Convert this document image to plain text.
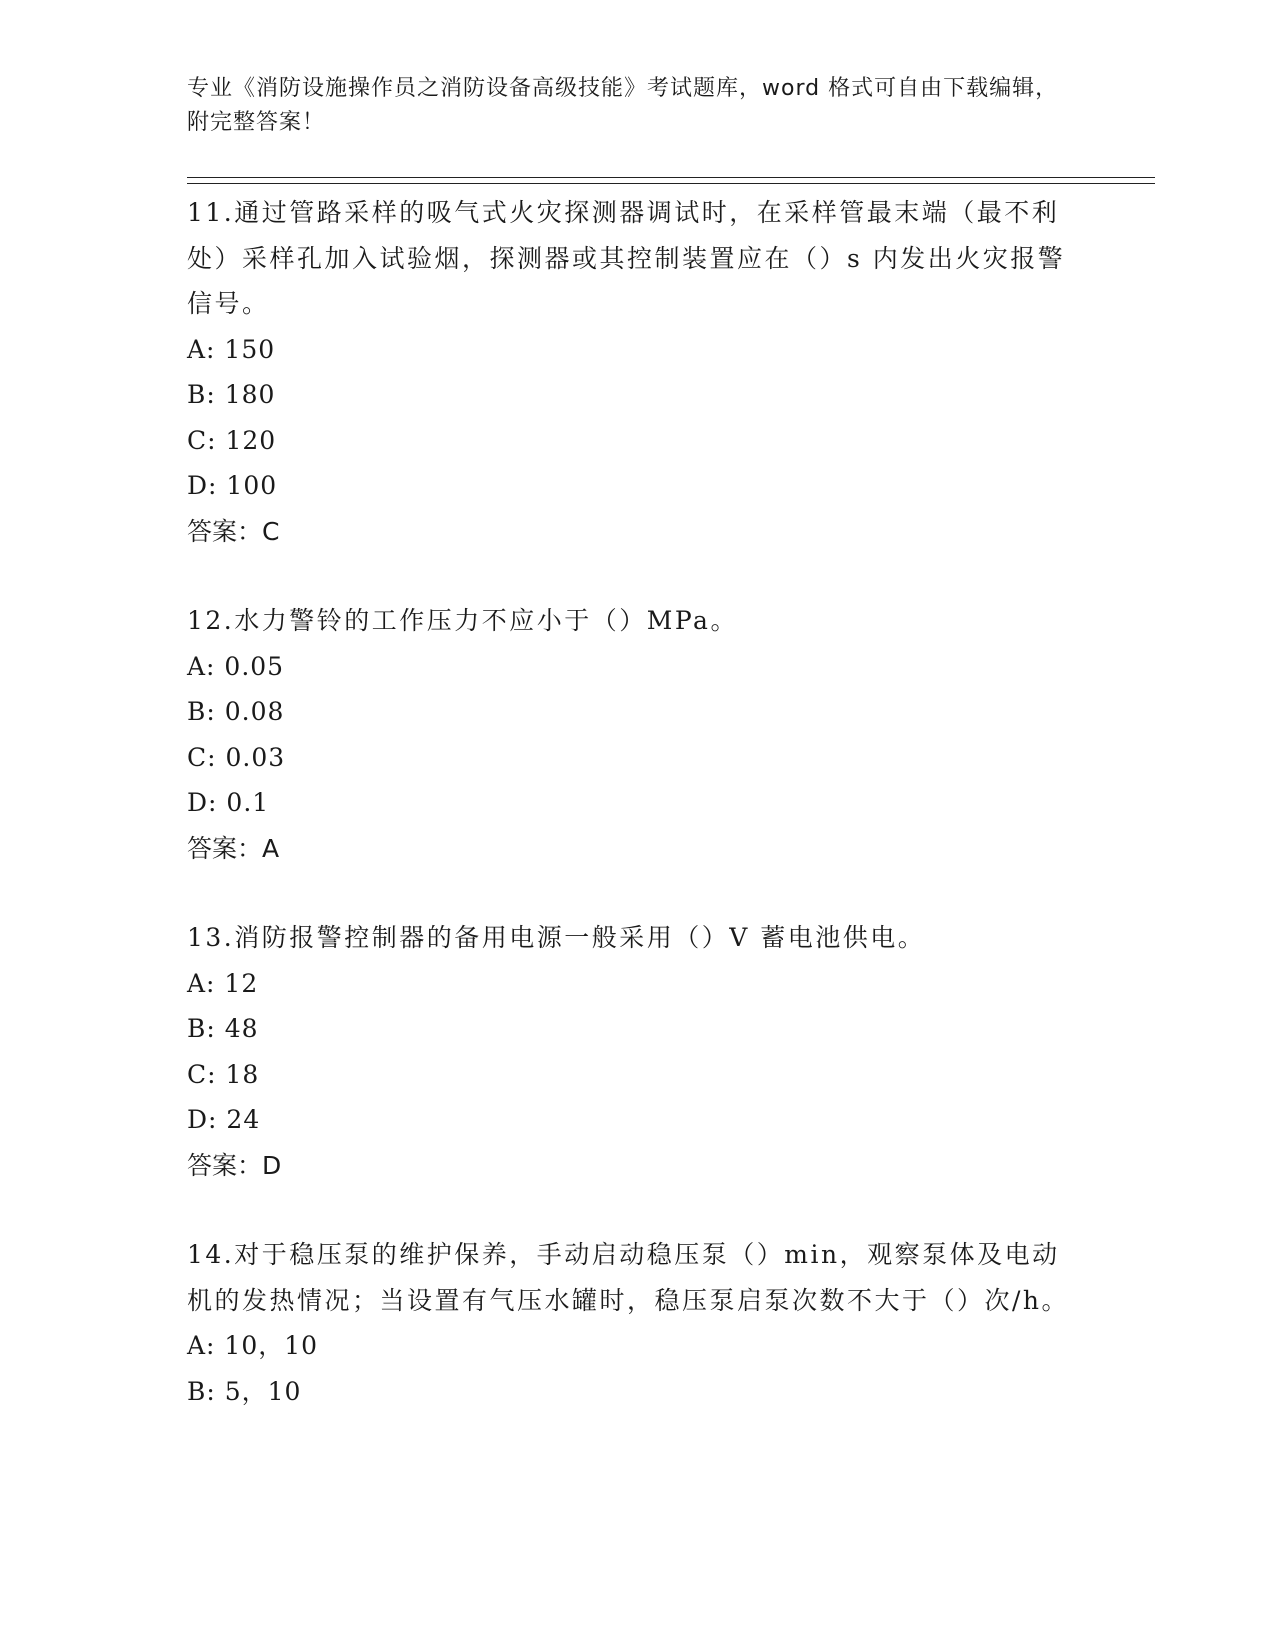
专业《消防设施操作员之消防设备高级技能》考试题库，word 格式可自由下载编辑，附完整答案！

11.通过管路采样的吸气式火灾探测器调试时，在采样管最末端（最不利处）采样孔加入试验烟，探测器或其控制装置应在（）s 内发出火灾报警信号。

A: 150

B: 180

C: 120

D: 100

答案：C

12.水力警铃的工作压力不应小于（）MPa。

A: 0.05

B: 0.08

C: 0.03

D: 0.1

答案：A

13.消防报警控制器的备用电源一般采用（）V 蓄电池供电。

A: 12

B: 48

C: 18

D: 24

答案：D

14.对于稳压泵的维护保养，手动启动稳压泵（）min，观察泵体及电动机的发热情况；当设置有气压水罐时，稳压泵启泵次数不大于（）次/h。

A: 10，10

B: 5，10
